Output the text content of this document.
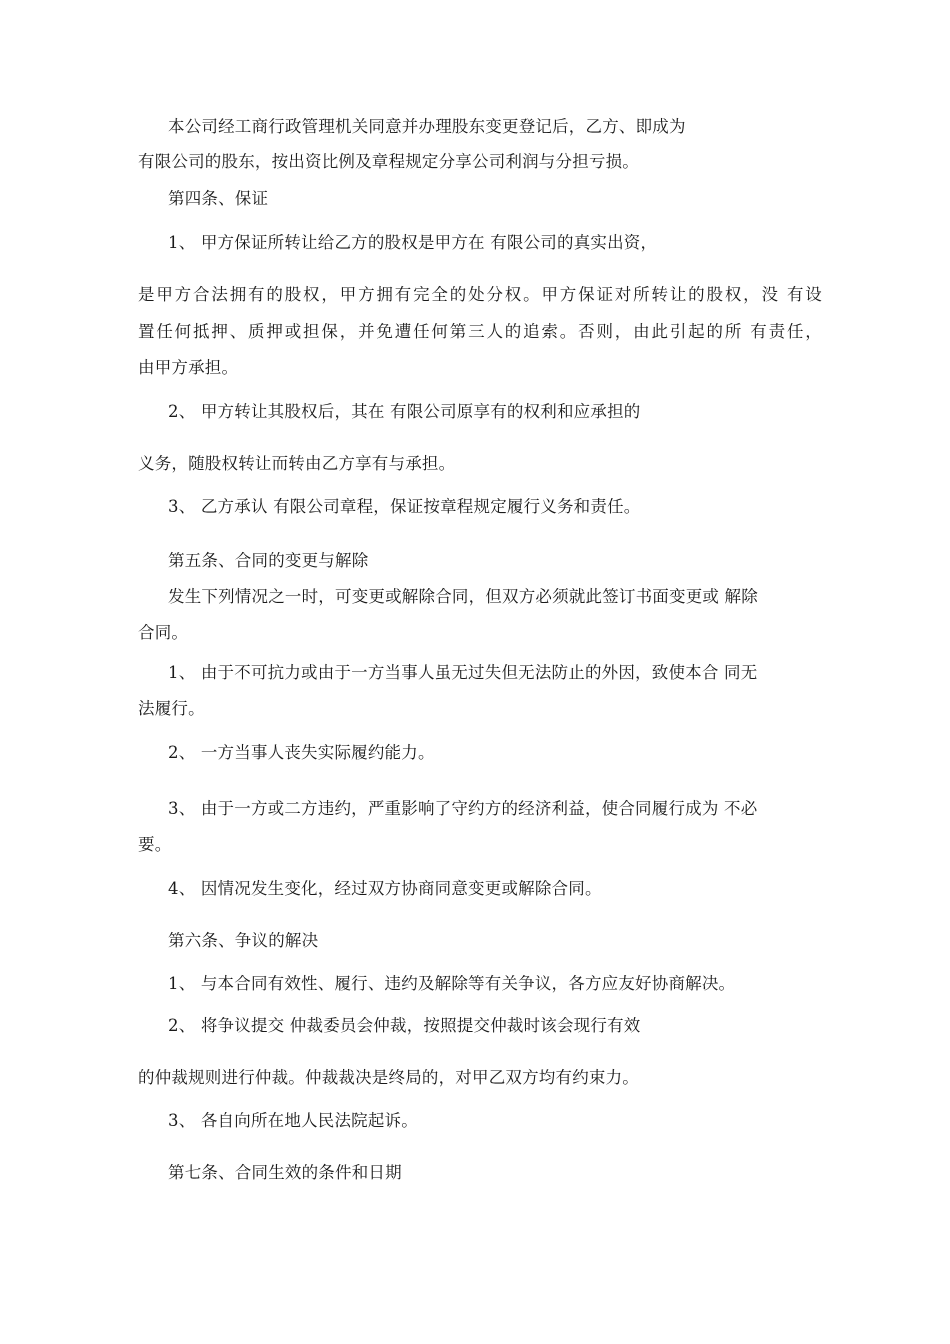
本公司经工商行政管理机关同意并办理股东变更登记后，乙方、即成为

有限公司的股东，按出资比例及章程规定分享公司利润与分担亏损。

第四条、保证

1、 甲方保证所转让给乙方的股权是甲方在 有限公司的真实出资，

是甲方合法拥有的股权，甲方拥有完全的处分权。甲方保证对所转让的股权，没 有设

置任何抵押、质押或担保，并免遭任何第三人的追索。否则，由此引起的所 有责任，

由甲方承担。

2、 甲方转让其股权后，其在 有限公司原享有的权利和应承担的

义务，随股权转让而转由乙方享有与承担。

3、 乙方承认 有限公司章程，保证按章程规定履行义务和责任。

第五条、合同的变更与解除

发生下列情况之一时，可变更或解除合同，但双方必须就此签订书面变更或 解除

合同。

1、 由于不可抗力或由于一方当事人虽无过失但无法防止的外因，致使本合 同无

法履行。

2、 一方当事人丧失实际履约能力。

3、 由于一方或二方违约，严重影响了守约方的经济利益，使合同履行成为 不必

要。

4、 因情况发生变化，经过双方协商同意变更或解除合同。

第六条、争议的解决

1、 与本合同有效性、履行、违约及解除等有关争议，各方应友好协商解决。

2、 将争议提交 仲裁委员会仲裁，按照提交仲裁时该会现行有效

的仲裁规则进行仲裁。仲裁裁决是终局的，对甲乙双方均有约束力。

3、 各自向所在地人民法院起诉。

第七条、合同生效的条件和日期
